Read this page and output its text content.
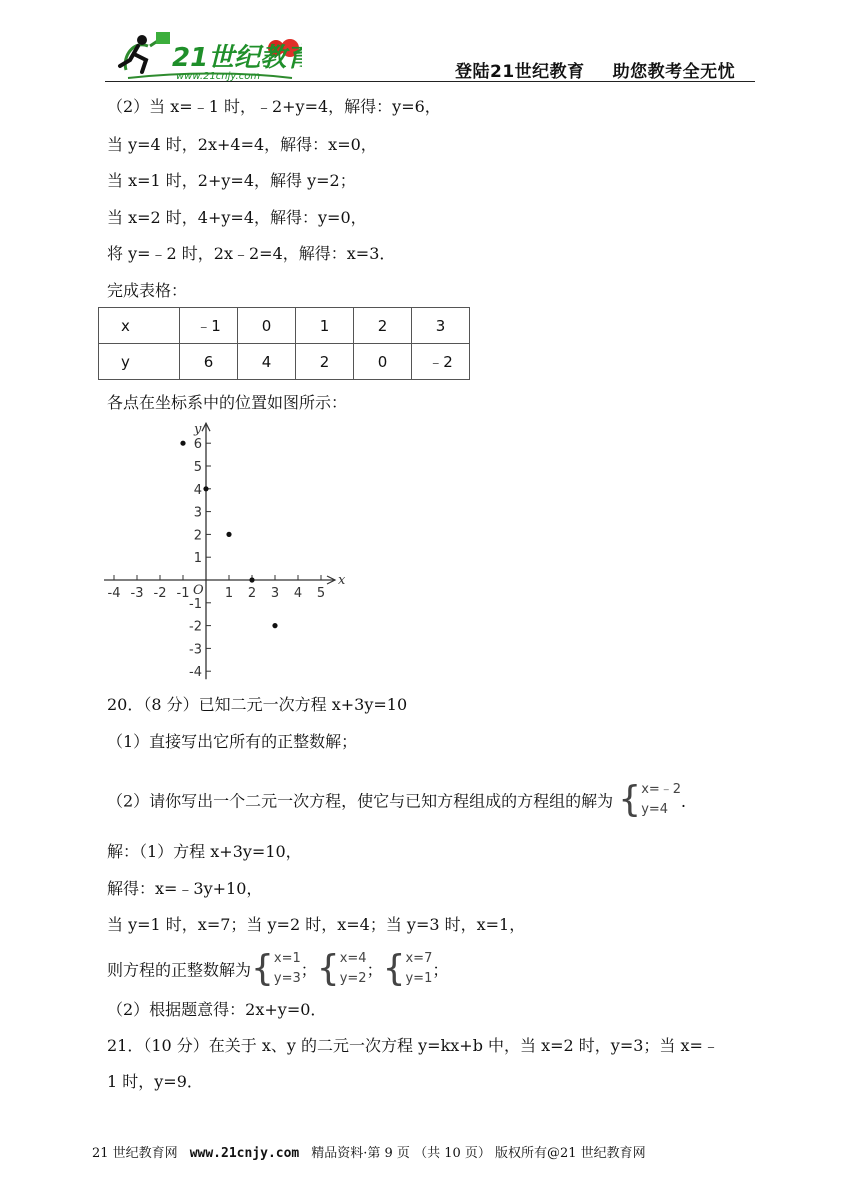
21世纪教育
www.21cnjy.com	登陆21世纪教育 助您教考全无忧
（2）当 x=﹣1 时，﹣2+y=4，解得：y=6，
当 y=4 时，2x+4=4，解得：x=0，
当 x=1 时，2+y=4，解得 y=2；
当 x=2 时，4+y=4，解得：y=0，
将 y=﹣2 时，2x﹣2=4，解得：x=3．
完成表格：
x	﹣1	0	1	2	3
y	6	4	2	0	﹣2
各点在坐标系中的位置如图所示：
-4 -3 -2 -1	1 2 3 4 5
6
5
4
3
2
1
-1
-2
-3
-4
x
y
O
20．（8 分）已知二元一次方程 x+3y=10
（1）直接写出它所有的正整数解；
（2）请你写出一个二元一次方程，使它与已知方程组成的方程组的解为 { x=﹣2
y=4 ．
解：（1）方程 x+3y=10，
解得：x=﹣3y+10，
当 y=1 时，x=7；当 y=2 时，x=4；当 y=3 时，x=1，
则方程的正整数解为{ x=1
y=3 ；{ x=4
y=2 ；{ x=7
y=1 ；
（2）根据题意得：2x+y=0．
21．（10 分）在关于 x、y 的二元一次方程 y=kx+b 中，当 x=2 时，y=3；当 x=﹣
1 时，y=9．
21 世纪教育网 www.21cnjy.com 精品资料·第 9 页 （共 10 页） 版权所有@21 世纪教育网
